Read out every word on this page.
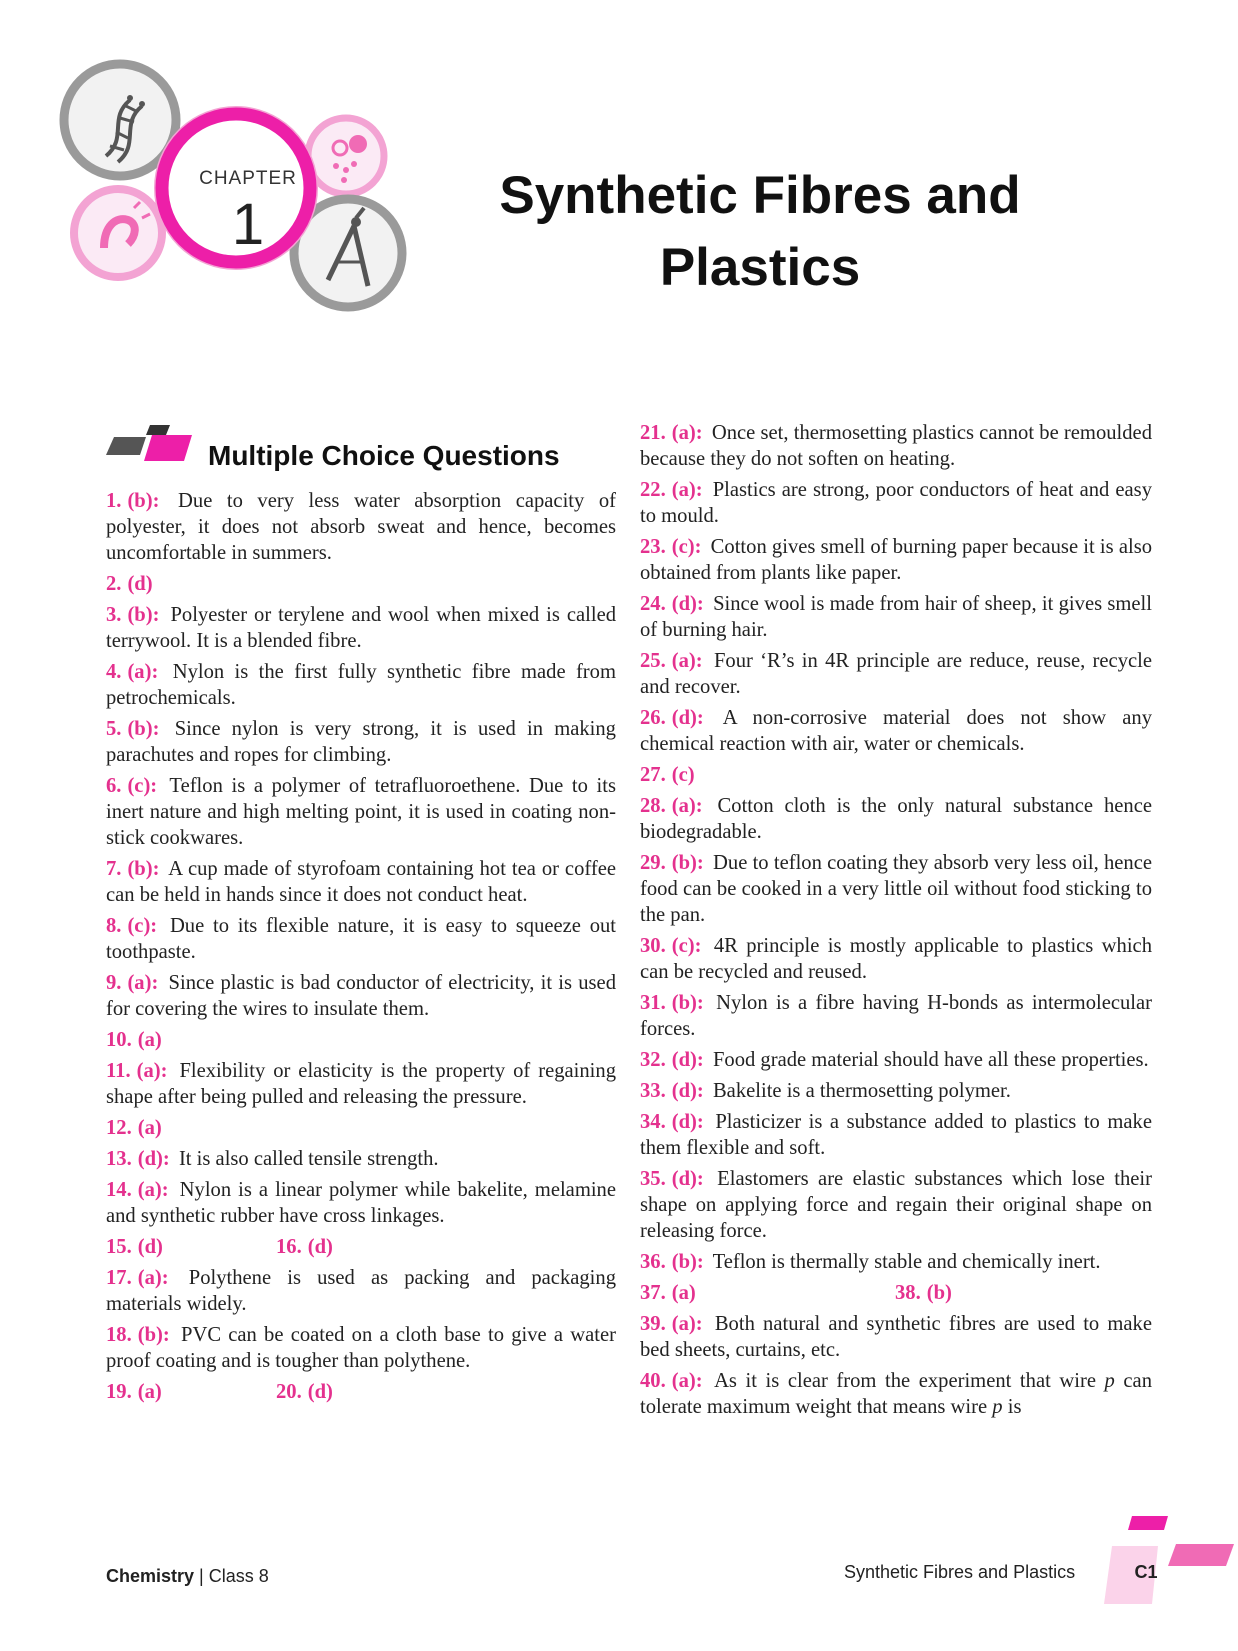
CHAPTER
1	Synthetic Fibres and
Plastics
Multiple Choice Questions
1. (b): Due to very less water absorption capacity of polyester, it does not absorb sweat and hence, becomes uncomfortable in summers.
2. (d)
3. (b): Polyester or terylene and wool when mixed is called terrywool. It is a blended fibre.
4. (a): Nylon is the first fully synthetic fibre made from petrochemicals.
5. (b): Since nylon is very strong, it is used in making parachutes and ropes for climbing.
6. (c): Teflon is a polymer of tetrafluoroethene. Due to its inert nature and high melting point, it is used in coating non-stick cookwares.
7. (b): A cup made of styrofoam containing hot tea or coffee can be held in hands since it does not conduct heat.
8. (c): Due to its flexible nature, it is easy to squeeze out toothpaste.
9. (a): Since plastic is bad conductor of electricity, it is used for covering the wires to insulate them.
10. (a)
11. (a): Flexibility or elasticity is the property of regaining shape after being pulled and releasing the pressure.
12. (a)
13. (d): It is also called tensile strength.
14. (a): Nylon is a linear polymer while bakelite, melamine and synthetic rubber have cross linkages.
15. (d)	16. (d)
17. (a): Polythene is used as packing and packaging materials widely.
18. (b): PVC can be coated on a cloth base to give a water proof coating and is tougher than polythene.
19. (a)	20. (d)
21. (a): Once set, thermosetting plastics cannot be remoulded because they do not soften on heating.
22. (a): Plastics are strong, poor conductors of heat and easy to mould.
23. (c): Cotton gives smell of burning paper because it is also obtained from plants like paper.
24. (d): Since wool is made from hair of sheep, it gives smell of burning hair.
25. (a): Four ‘R’s in 4R principle are reduce, reuse, recycle and recover.
26. (d): A non-corrosive material does not show any chemical reaction with air, water or chemicals.
27. (c)
28. (a): Cotton cloth is the only natural substance hence biodegradable.
29. (b): Due to teflon coating they absorb very less oil, hence food can be cooked in a very little oil without food sticking to the pan.
30. (c): 4R principle is mostly applicable to plastics which can be recycled and reused.
31. (b): Nylon is a fibre having H-bonds as intermolecular forces.
32. (d): Food grade material should have all these properties.
33. (d): Bakelite is a thermosetting polymer.
34. (d): Plasticizer is a substance added to plastics to make them flexible and soft.
35. (d): Elastomers are elastic substances which lose their shape on applying force and regain their original shape on releasing force.
36. (b): Teflon is thermally stable and chemically inert.
37. (a)	38. (b)
39. (a): Both natural and synthetic fibres are used to make bed sheets, curtains, etc.
40. (a): As it is clear from the experiment that wire p can tolerate maximum weight that means wire p is
Chemistry | Class 8	Synthetic Fibres and Plastics	C1
